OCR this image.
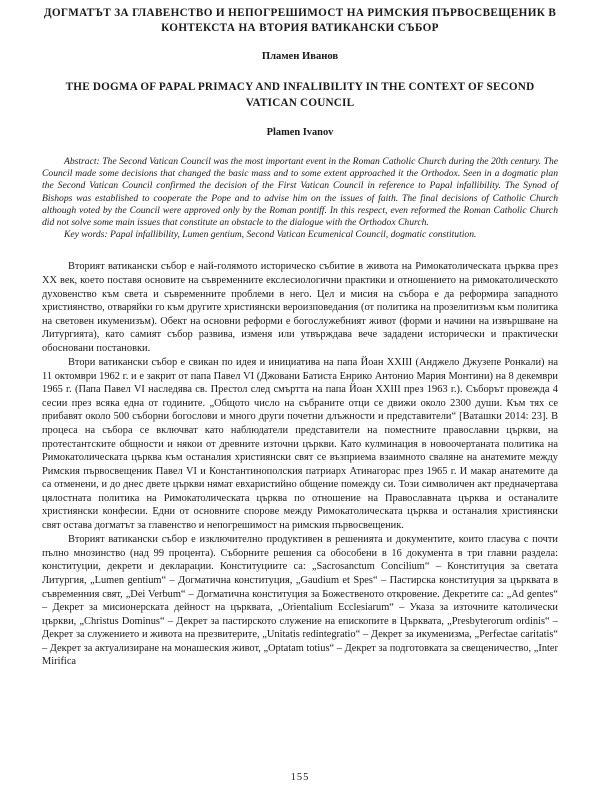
ДОГМАТЪТ ЗА ГЛАВЕНСТВО И НЕПОГРЕШИМОСТ НА РИМСКИЯ ПЪРВОСВЕЩЕНИК В КОНТЕКСТА НА ВТОРИЯ ВАТИКАНСКИ СЪБОР
Пламен Иванов
THE DOGMA OF PAPAL PRIMACY AND INFALIBILITY IN THE CONTEXT OF SECOND VATICAN COUNCIL
Plamen Ivanov

Abstract: The Second Vatican Council was the most important event in the Roman Catholic Church during the 20th century. The Council made some decisions that changed the basic mass and to some extent approached it the Orthodox. Seen in a dogmatic plan the Second Vatican Council confirmed the decision of the First Vatican Council in reference to Papal infallibility. The Synod of Bishops was established to cooperate the Pope and to advise him on the issues of faith. The final decisions of Catholic Church although voted by the Council were approved only by the Roman pontiff. In this respect, even reformed the Roman Catholic Church did not solve some main issues that constitute an obstacle to the dialogue with the Orthodox Church.

Key words: Papal infallibility, Lumen gentium, Second Vatican Ecumenical Council, dogmatic constitution.

Вторият ватикански събор е най-голямото историческо събитие в живота на Римокатолическата църква през XX век, което поставя основите на съвременните екслесиологични практики и отношението на римокатолическото духовенство към света и съвременните проблеми в него. Цел и мисия на събора е да реформира западното християнство, отваряйки го към другите християнски вероизповедания (от политика на прозелитизъм към политика на световен икуменизъм). Обект на основни реформи е богослужебният живот (форми и начини на извършване на Литургията), като самият събор развива, изменя или утвърждава вече зададени исторически и практически обосновани постановки.

Втори ватикански събор е свикан по идея и инициатива на папа Йоан XXIII (Анджело Джузепе Ронкали) на 11 октомври 1962 г. и е закрит от папа Павел VI (Джовани Батиста Енрико Антонио Мария Монтини) на 8 декември 1965 г. (Папа Павел VI наследява св. Престол след смъртта на папа Йоан XXIII през 1963 г.). Съборът провежда 4 сесии през всяка една от годините. „Общото число на събраните отци се движи около 2300 души. Към тях се прибавят около 500 съборни богослови и много други почетни длъжности и представители“ [Ваташки 2014: 23]. В процеса на събора се включват като наблюдатели представители на поместните православни църкви, на протестантските общности и някои от древните източни църкви. Като кулминация в новоочертаната политика на Римокатолическата църква към останалия християнски свят се възприема взаимното сваляне на анатемите между Римския първосвещеник Павел VI и Константинополския патриарх Атинагорас през 1965 г. И макар анатемите да са отменени, и до днес двете църкви нямат евхаристийно общение помежду си. Този символичен акт предначертава цялостната политика на Римокатолическата църква по отношение на Православната църква и останалите християнски конфесии. Едни от основните спорове между Римокатолическата църква и останалия християнски свят остава догматът за главенство и непогрешимост на римския първосвещеник.

Вторият ватикански събор е изключително продуктивен в решенията и документите, които гласува с почти пълно мнозинство (над 99 процента). Съборните решения са обособени в 16 документа в три главни раздела: конституции, декрети и декларации. Конституциите са: „Sacrosanctum Concilium“ – Конституция за светата Литургия, „Lumen gentium“ – Догматична конституция, „Gaudium et Spes“ – Пастирска конституция за църквата в съвременния свят, „Dei Verbum“ – Догматична конституция за Божественото откровение. Декретите са: „Ad gentes“ – Декрет за мисионерската дейност на църквата, „Orientalium Ecclesiarum“ – Указа за източните католически църкви, „Christus Dominus“ – Декрет за пастирското служение на епископите в Църквата, „Presbyterorum ordinis“ – Декрет за служението и живота на презвитерите, „Unitatis redintegratio“ – Декрет за икуменизма, „Perfectae caritatis“ – Декрет за актуализиране на монашеския живот, „Optatam totius“ – Декрет за подготовката за свещеничество, „Inter Mirifica

155
